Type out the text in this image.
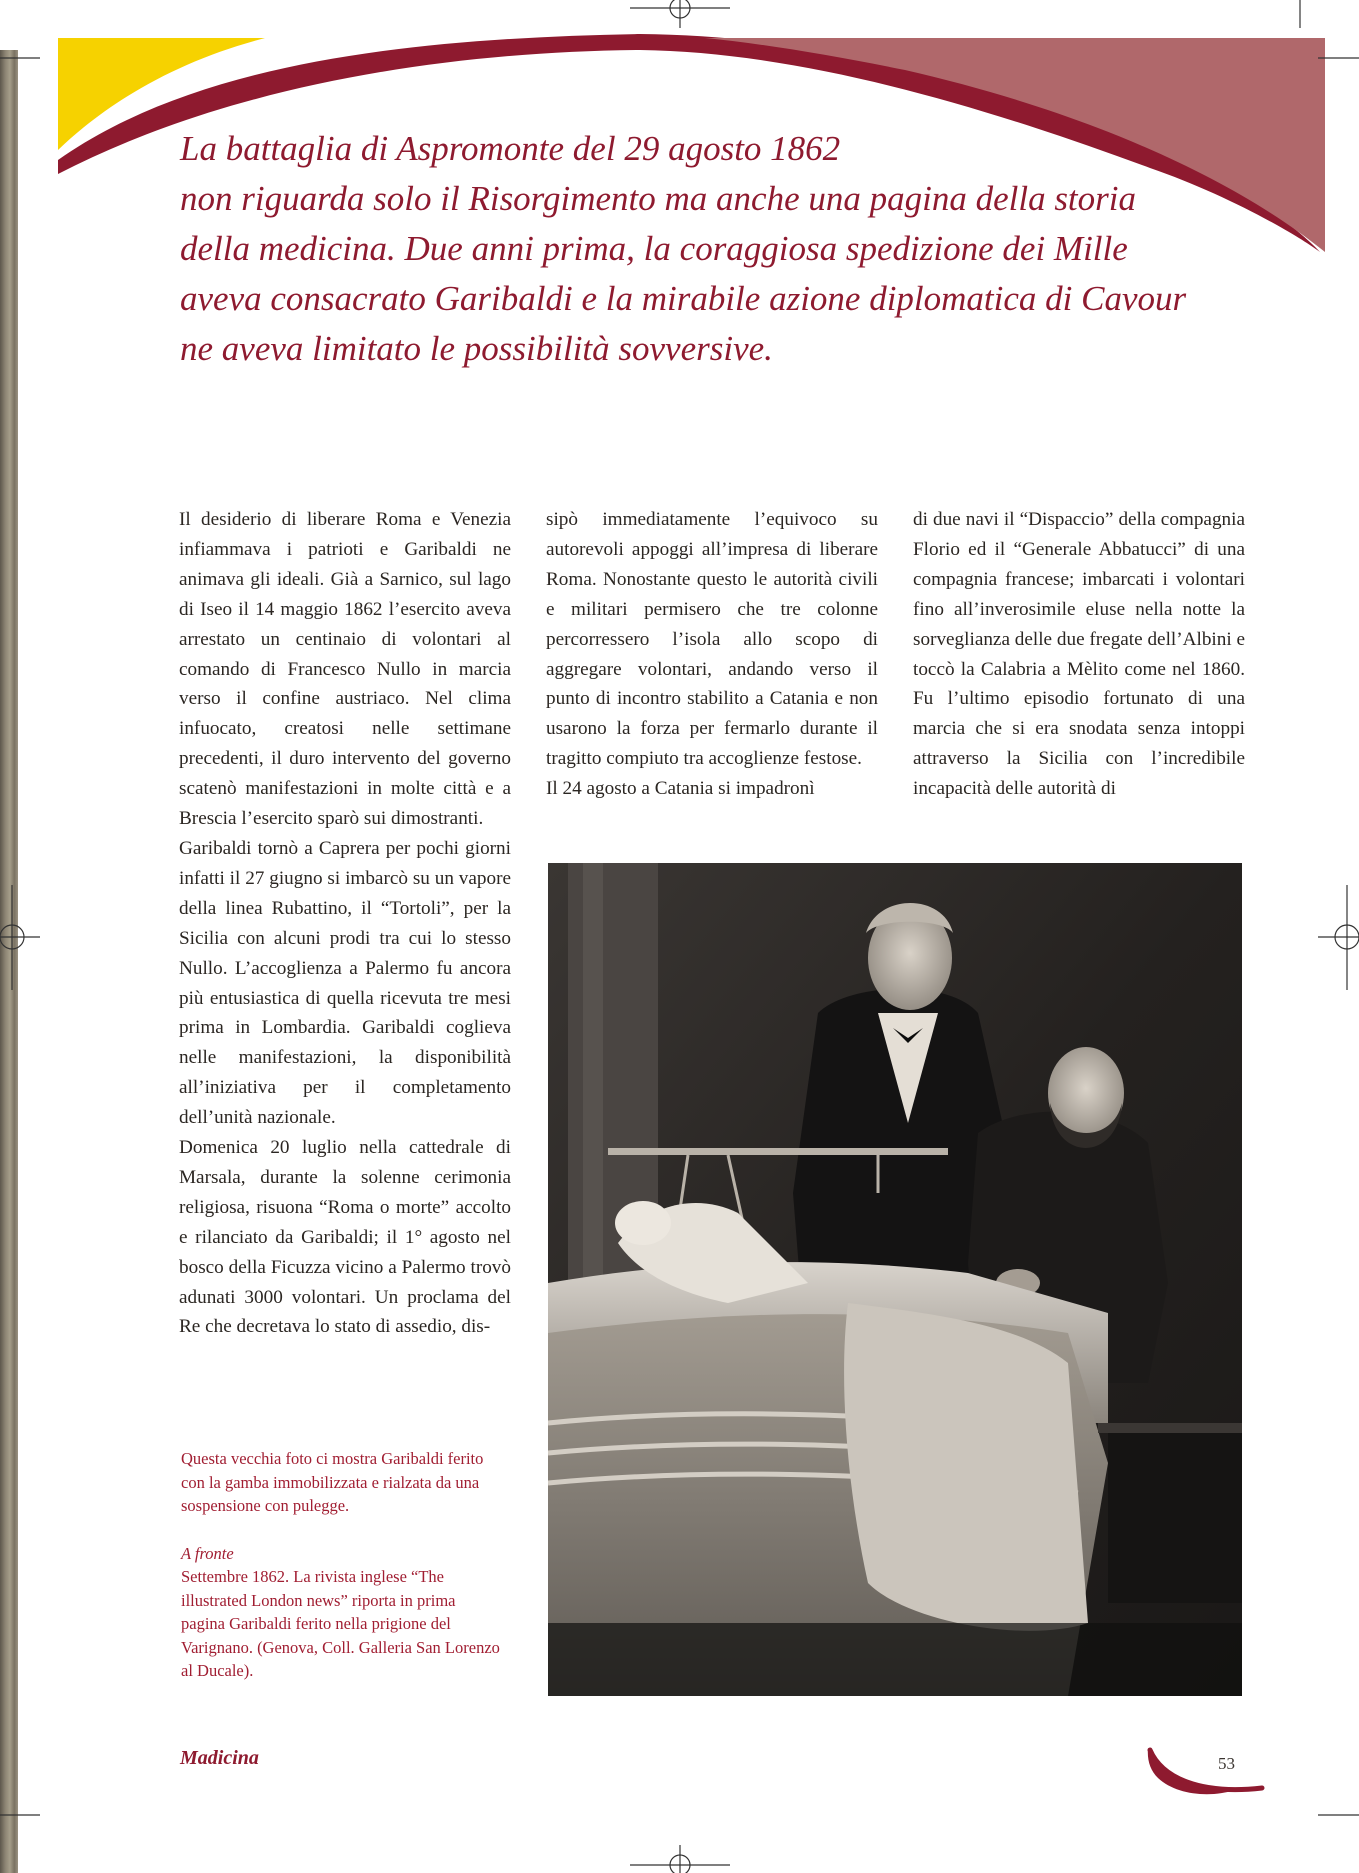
La battaglia di Aspromonte del 29 agosto 1862
non riguarda solo il Risorgimento ma anche una pagina della storia
della medicina. Due anni prima, la coraggiosa spedizione dei Mille
aveva consacrato Garibaldi e la mirabile azione diplomatica di Cavour
ne aveva limitato le possibilità sovversive.

Il desiderio di liberare Roma e Venezia infiammava i patrioti e Garibaldi ne animava gli ideali. Già a Sarnico, sul lago di Iseo il 14 maggio 1862 l’esercito aveva arrestato un centinaio di volontari al comando di Francesco Nullo in marcia verso il confine austriaco. Nel clima infuocato, creatosi nelle settimane precedenti, il duro intervento del governo scatenò manifestazioni in molte città e a Brescia l’esercito sparò sui dimostranti.

Garibaldi tornò a Caprera per pochi giorni infatti il 27 giugno si imbarcò su un vapore della linea Rubattino, il “Tortoli”, per la Sicilia con alcuni prodi tra cui lo stesso Nullo. L’accoglienza a Palermo fu ancora più entusiastica di quella ricevuta tre mesi prima in Lombardia. Garibaldi coglieva nelle manifestazioni, la disponibilità all’iniziativa per il completamento dell’unità nazionale.

Domenica 20 luglio nella cattedrale di Marsala, durante la solenne cerimonia religiosa, risuona “Roma o morte” accolto e rilanciato da Garibaldi; il 1° agosto nel bosco della Ficuzza vicino a Palermo trovò adunati 3000 volontari. Un proclama del Re che decretava lo stato di assedio, dis-

sipò immediatamente l’equivoco su autorevoli appoggi all’impresa di liberare Roma. Nonostante questo le autorità civili e militari permisero che tre colonne percorressero l’isola allo scopo di aggregare volontari, andando verso il punto di incontro stabilito a Catania e non usarono la forza per fermarlo durante il tragitto compiuto tra accoglienze festose.

Il 24 agosto a Catania si impadronì

di due navi il “Dispaccio” della compagnia Florio ed il “Generale Abbatucci” di una compagnia francese; imbarcati i volontari fino all’inverosimile eluse nella notte la sorveglianza delle due fregate dell’Albini e toccò la Calabria a Mèlito come nel 1860. Fu l’ultimo episodio fortunato di una marcia che si era snodata senza intoppi attraverso la Sicilia con l’incredibile incapacità delle autorità di

Questa vecchia foto ci mostra Garibaldi ferito con la gamba immobilizzata e rialzata da una sospensione con pulegge.

A fronte

Settembre 1862. La rivista inglese “The illustrated London news” riporta in prima pagina Garibaldi ferito nella prigione del Varignano. (Genova, Coll. Galleria San Lorenzo al Ducale).

Madicina	53
